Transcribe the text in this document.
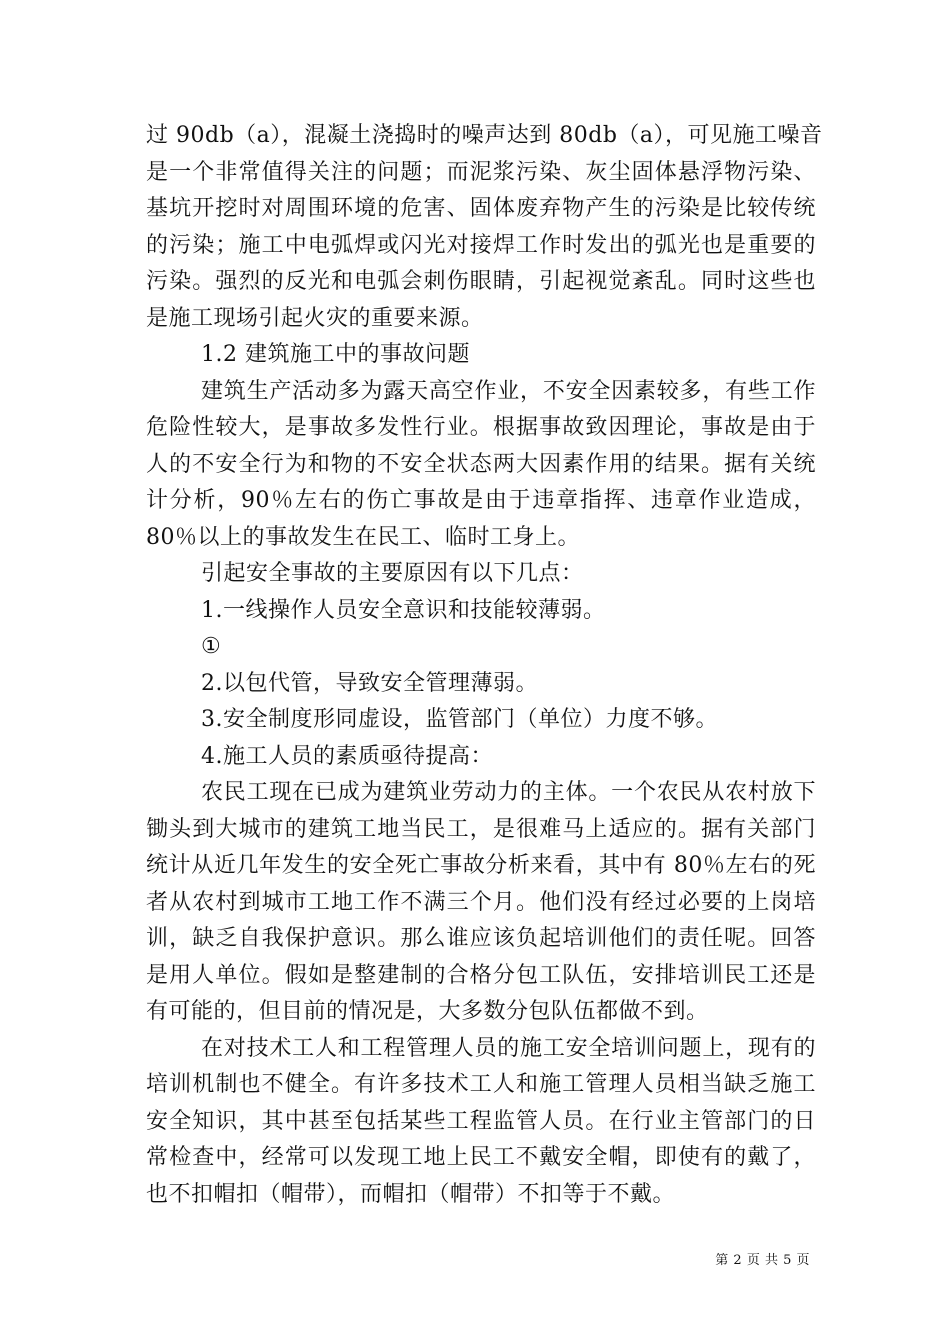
过 90db（a），混凝土浇捣时的噪声达到 80db（a），可见施工噪音
是一个非常值得关注的问题；而泥浆污染、灰尘固体悬浮物污染、
基坑开挖时对周围环境的危害、固体废弃物产生的污染是比较传统
的污染；施工中电弧焊或闪光对接焊工作时发出的弧光也是重要的
污染。强烈的反光和电弧会刺伤眼睛，引起视觉紊乱。同时这些也
是施工现场引起火灾的重要来源。
1.2 建筑施工中的事故问题
建筑生产活动多为露天高空作业，不安全因素较多，有些工作
危险性较大，是事故多发性行业。根据事故致因理论，事故是由于
人的不安全行为和物的不安全状态两大因素作用的结果。据有关统
计分析，90％左右的伤亡事故是由于违章指挥、违章作业造成，
80％以上的事故发生在民工、临时工身上。
引起安全事故的主要原因有以下几点：
1.一线操作人员安全意识和技能较薄弱。
①
2.以包代管，导致安全管理薄弱。
3.安全制度形同虚设，监管部门（单位）力度不够。
4.施工人员的素质亟待提高：
农民工现在已成为建筑业劳动力的主体。一个农民从农村放下
锄头到大城市的建筑工地当民工，是很难马上适应的。据有关部门
统计从近几年发生的安全死亡事故分析来看，其中有 80％左右的死
者从农村到城市工地工作不满三个月。他们没有经过必要的上岗培
训，缺乏自我保护意识。那么谁应该负起培训他们的责任呢。回答
是用人单位。假如是整建制的合格分包工队伍，安排培训民工还是
有可能的，但目前的情况是，大多数分包队伍都做不到。
在对技术工人和工程管理人员的施工安全培训问题上，现有的
培训机制也不健全。有许多技术工人和施工管理人员相当缺乏施工
安全知识，其中甚至包括某些工程监管人员。在行业主管部门的日
常检查中，经常可以发现工地上民工不戴安全帽，即使有的戴了，
也不扣帽扣（帽带），而帽扣（帽带）不扣等于不戴。
第 2 页 共 5 页
